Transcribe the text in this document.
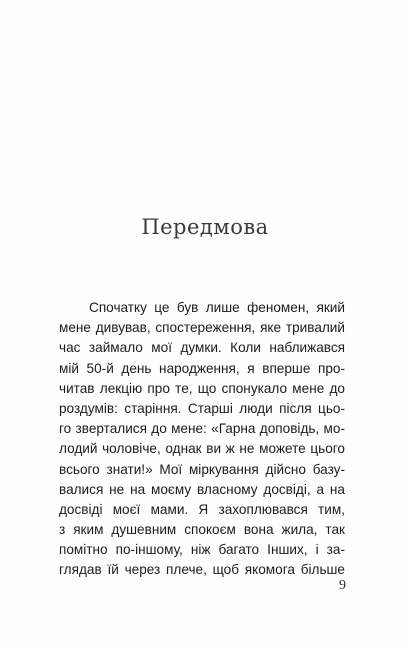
Передмова
Спочатку це був лише феномен, який
мене дивував, спостереження, яке тривалий
час займало мої думки. Коли наближався
мій 50-й день народження, я вперше про-
читав лекцію про те, що спонукало мене до
роздумів: старіння. Старші люди після цьо-
го зверталися до мене: «Гарна доповідь, мо-
лодий чоловіче, однак ви ж не можете цього
всього знати!» Мої міркування дійсно базу-
валися не на моєму власному досвіді, а на
досвіді моєї мами. Я захоплювався тим,
з яким душевним спокоєм вона жила, так
помітно по-іншому, ніж багато Інших, і за-
глядав їй через плече, щоб якомога більше
9
